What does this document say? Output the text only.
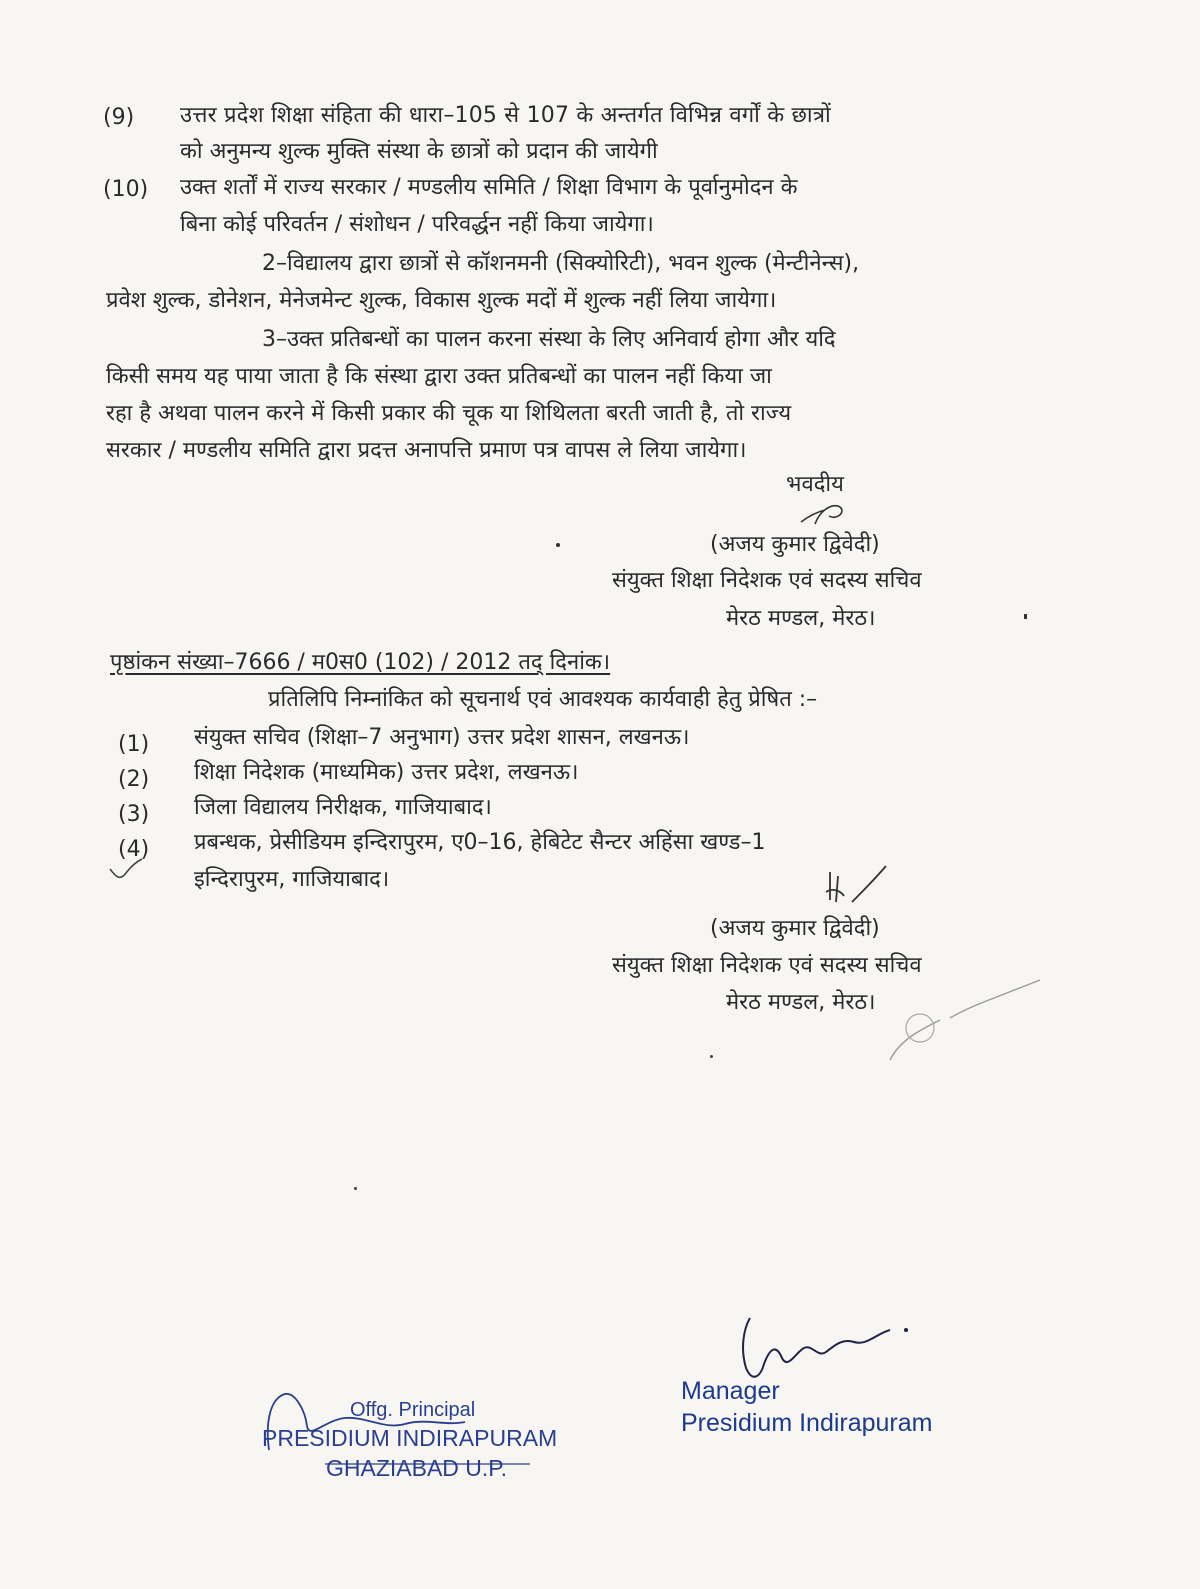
(9) उत्तर प्रदेश शिक्षा संहिता की धारा–105 से 107 के अन्तर्गत विभिन्न वर्गों के छात्रों
को अनुमन्य शुल्क मुक्ति संस्था के छात्रों को प्रदान की जायेगी
(10) उक्त शर्तों में राज्य सरकार / मण्डलीय समिति / शिक्षा विभाग के पूर्वानुमोदन के
बिना कोई परिवर्तन / संशोधन / परिवर्द्धन नहीं किया जायेगा।
2–विद्यालय द्वारा छात्रों से कॉशनमनी (सिक्योरिटी), भवन शुल्क (मेन्टीनेन्स),
प्रवेश शुल्क, डोनेशन, मेनेजमेन्ट शुल्क, विकास शुल्क मदों में शुल्क नहीं लिया जायेगा।
3–उक्त प्रतिबन्धों का पालन करना संस्था के लिए अनिवार्य होगा और यदि
किसी समय यह पाया जाता है कि संस्था द्वारा उक्त प्रतिबन्धों का पालन नहीं किया जा
रहा है अथवा पालन करने में किसी प्रकार की चूक या शिथिलता बरती जाती है, तो राज्य
सरकार / मण्डलीय समिति द्वारा प्रदत्त अनापत्ति प्रमाण पत्र वापस ले लिया जायेगा।
भवदीय
(अजय कुमार द्विवेदी)
संयुक्त शिक्षा निदेशक एवं सदस्य सचिव
मेरठ मण्डल, मेरठ।
पृष्ठांकन संख्या–7666 / म0स0 (102) / 2012 तद् दिनांक।
प्रतिलिपि निम्नांकित को सूचनार्थ एवं आवश्यक कार्यवाही हेतु प्रेषित :–
(1) संयुक्त सचिव (शिक्षा–7 अनुभाग) उत्तर प्रदेश शासन, लखनऊ।
(2) शिक्षा निदेशक (माध्यमिक) उत्तर प्रदेश, लखनऊ।
(3) जिला विद्यालय निरीक्षक, गाजियाबाद।
(4) प्रबन्धक, प्रेसीडियम इन्दिरापुरम, ए0–16, हेबिटेट सैन्टर अहिंसा खण्ड–1
इन्दिरापुरम, गाजियाबाद।
(अजय कुमार द्विवेदी)
संयुक्त शिक्षा निदेशक एवं सदस्य सचिव
मेरठ मण्डल, मेरठ।
Offg. Principal
PRESIDIUM INDIRAPURAM
GHAZIABAD U.P.
Manager
Presidium Indirapuram
